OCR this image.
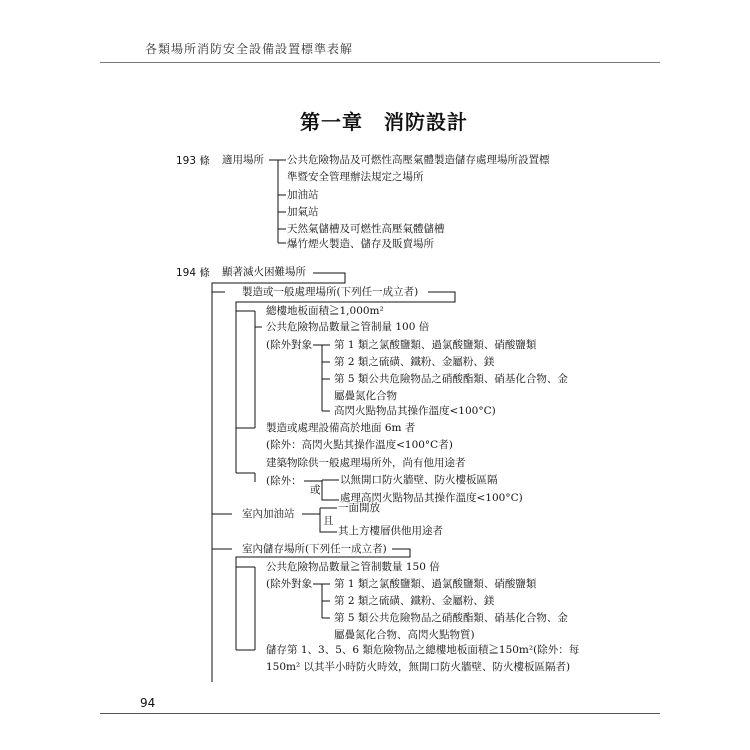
各類場所消防安全設備設置標準表解
第一章　消防設計
193 條 適用場所 公共危險物品及可燃性高壓氣體製造儲存處理場所設置標
準暨安全管理辦法規定之場所
加油站
加氣站
天然氣儲槽及可燃性高壓氣體儲槽
爆竹煙火製造、儲存及販賣場所
194 條 顯著滅火困難場所
製造或一般處理場所(下列任一成立者)
總樓地板面積≧1,000m²
公共危險物品數量≧管制量 100 倍
(除外對象 第 1 類之氯酸鹽類、過氯酸鹽類、硝酸鹽類
第 2 類之硫磺、鐵粉、金屬粉、鎂
第 5 類公共危險物品之硝酸酯類、硝基化合物、金
屬疊氮化合物
高閃火點物品其操作溫度<100°C)
製造或處理設備高於地面 6m 者
(除外：高閃火點其操作溫度<100°C者)
建築物除供一般處理場所外，尚有他用途者
(除外：
或
以無開口防火牆壁、防火樓板區隔
處理高閃火點物品其操作溫度<100°C)
室內加油站
且
一面開放
其上方樓層供他用途者
室內儲存場所(下列任一成立者)
公共危險物品數量≧管制數量 150 倍
(除外對象 第 1 類之氯酸鹽類、過氯酸鹽類、硝酸鹽類
第 2 類之硫磺、鐵粉、金屬粉、鎂
第 5 類公共危險物品之硝酸酯類、硝基化合物、金
屬疊氮化合物、高閃火點物質)
儲存第 1、3、5、6 類危險物品之總樓地板面積≧150m²(除外：每
150m² 以其半小時防火時效，無開口防火牆壁、防火樓板區隔者)
94
